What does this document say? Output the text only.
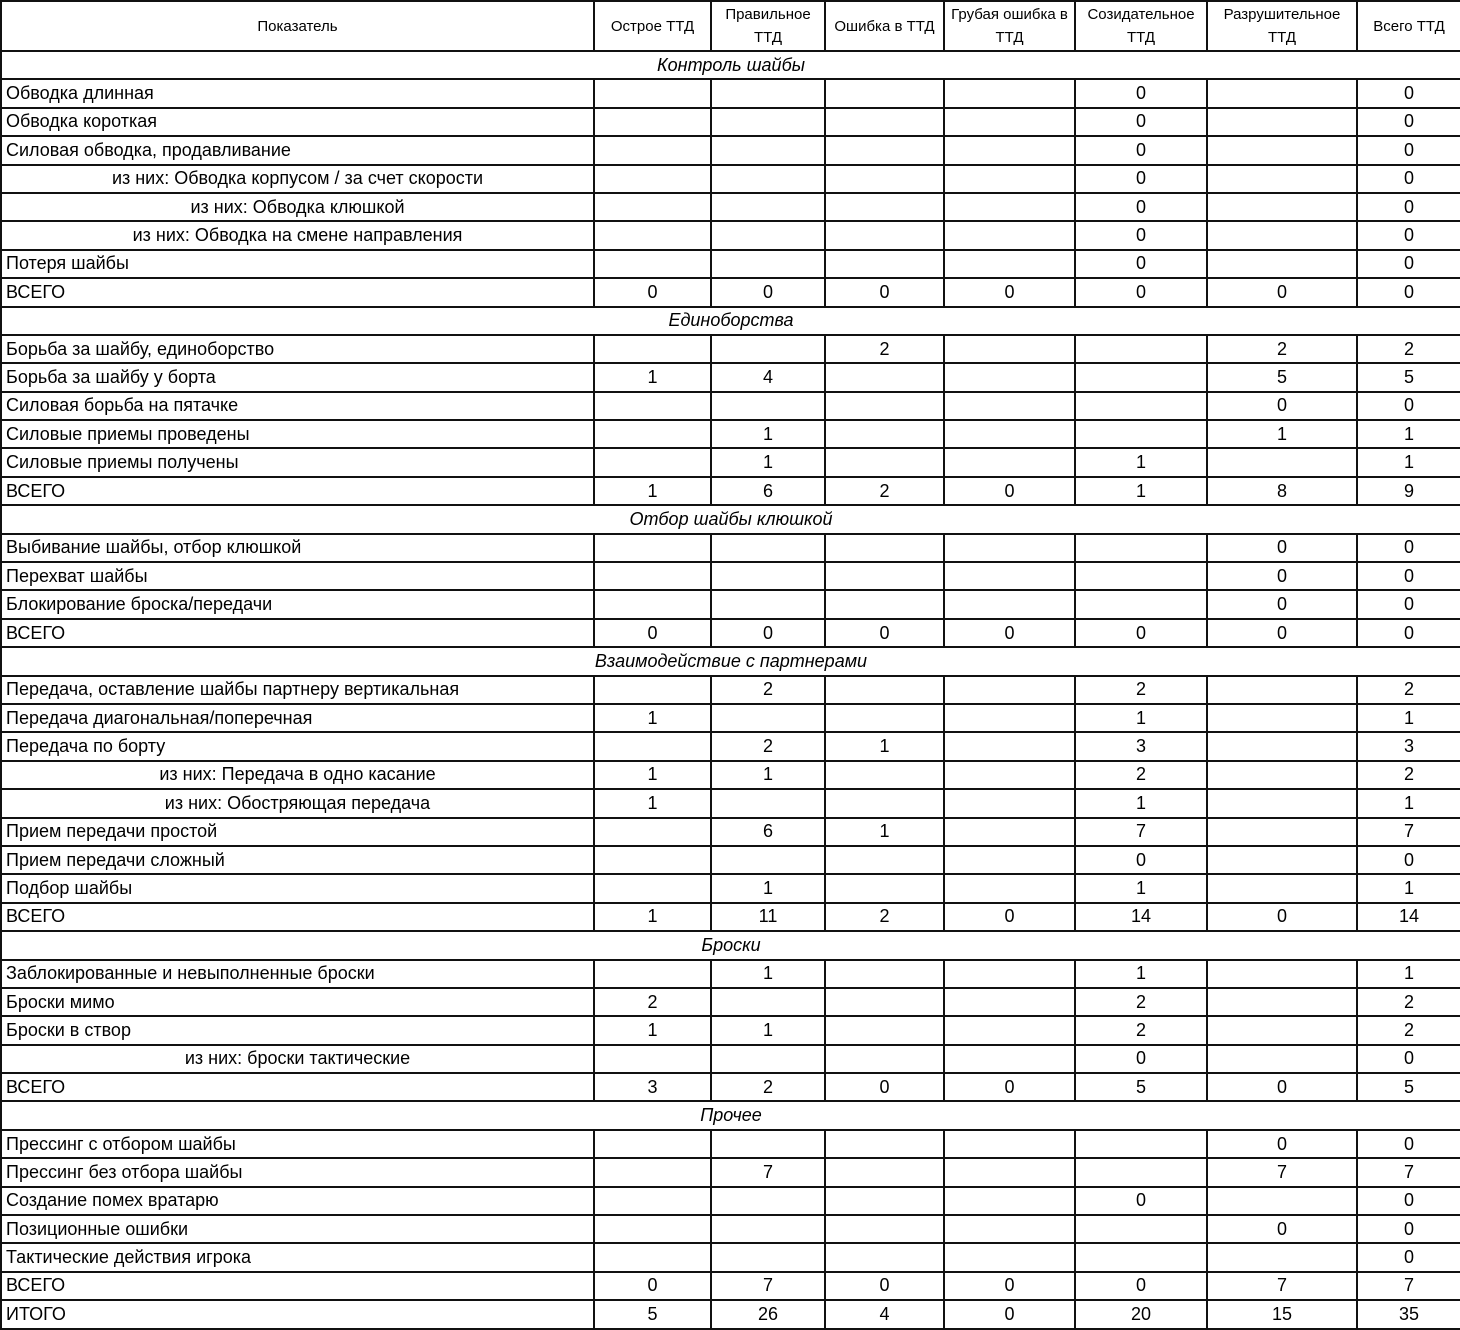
Показатель	Острое ТТД	Правильное ТТД	Ошибка в ТТД	Грубая ошибка в ТТД	Созидательное ТТД	Разрушительное ТТД	Всего ТТД
Контроль шайбы							
Обводка длинная					0		0
Обводка короткая					0		0
Силовая обводка, продавливание					0		0
из них: Обводка корпусом / за счет скорости					0		0
из них: Обводка клюшкой					0		0
из них: Обводка на смене направления					0		0
Потеря шайбы					0		0
ВСЕГО	0	0	0	0	0	0	0
Единоборства							
Борьба за шайбу, единоборство			2			2	2
Борьба за шайбу у борта	1	4				5	5
Силовая борьба на пятачке						0	0
Силовые приемы проведены		1				1	1
Силовые приемы получены		1			1		1
ВСЕГО	1	6	2	0	1	8	9
Отбор шайбы клюшкой							
Выбивание шайбы, отбор клюшкой						0	0
Перехват шайбы						0	0
Блокирование броска/передачи						0	0
ВСЕГО	0	0	0	0	0	0	0
Взаимодействие с партнерами							
Передача, оставление шайбы партнеру вертикальная		2			2		2
Передача диагональная/поперечная	1				1		1
Передача по борту		2	1		3		3
из них: Передача в одно касание	1	1			2		2
из них: Обостряющая передача	1				1		1
Прием передачи простой		6	1		7		7
Прием передачи сложный					0		0
Подбор шайбы		1			1		1
ВСЕГО	1	11	2	0	14	0	14
Броски							
Заблокированные и невыполненные броски		1			1		1
Броски мимо	2				2		2
Броски в створ	1	1			2		2
из них: броски тактические					0		0
ВСЕГО	3	2	0	0	5	0	5
Прочее							
Прессинг с отбором шайбы						0	0
Прессинг без отбора шайбы		7				7	7
Создание помех вратарю					0		0
Позиционные ошибки						0	0
Тактические действия игрока							0
ВСЕГО	0	7	0	0	0	7	7
ИТОГО	5	26	4	0	20	15	35
